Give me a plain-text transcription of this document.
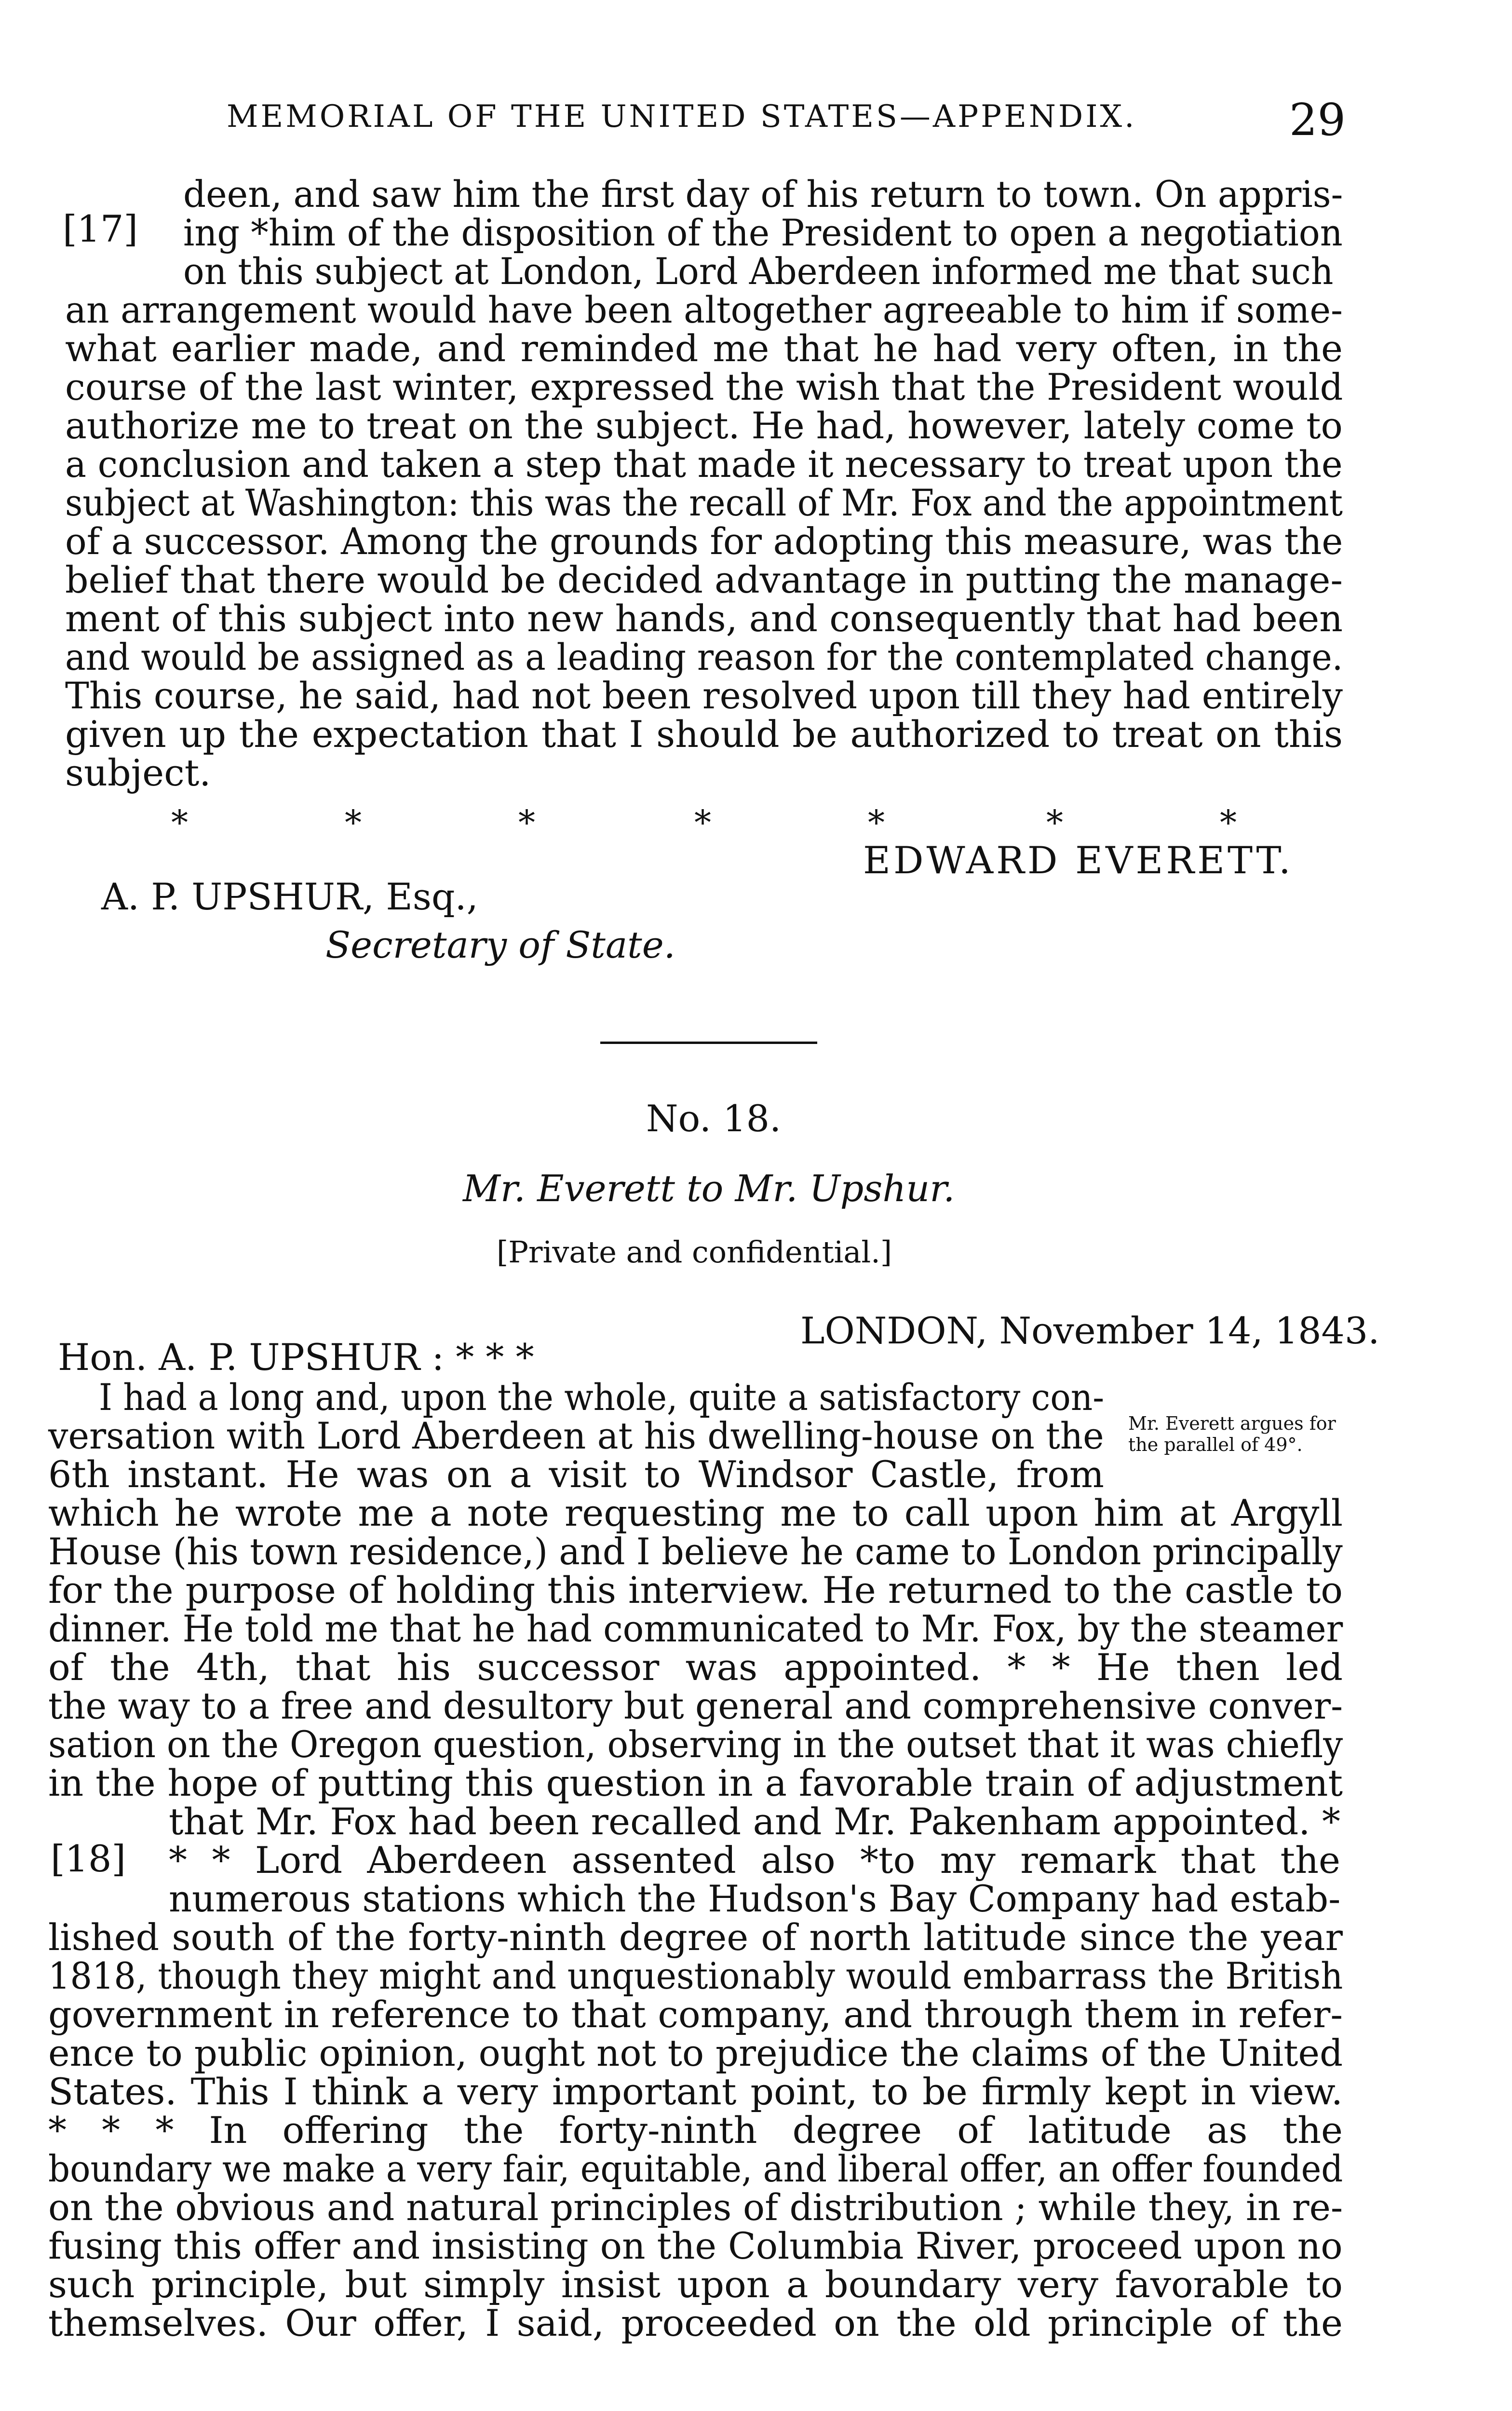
MEMORIAL OF THE UNITED STATES—APPENDIX.	29
[17]
deen, and saw him the first day of his return to town. On appris-
ing *him of the disposition of the President to open a negotiation
on this subject at London, Lord Aberdeen informed me that such
an arrangement would have been altogether agreeable to him if some-
what earlier made, and reminded me that he had very often, in the
course of the last winter, expressed the wish that the President would
authorize me to treat on the subject. He had, however, lately come to
a conclusion and taken a step that made it necessary to treat upon the
subject at Washington: this was the recall of Mr. Fox and the appointment
of a successor. Among the grounds for adopting this measure, was the
belief that there would be decided advantage in putting the manage-
ment of this subject into new hands, and consequently that had been
and would be assigned as a leading reason for the contemplated change.
This course, he said, had not been resolved upon till they had entirely
given up the expectation that I should be authorized to treat on this
subject.
*	*	*	*	*	*	*
EDWARD EVERETT.
A. P. UPSHUR, Esq.,
Secretary of State.
No. 18.
Mr. Everett to Mr. Upshur.
[Private and confidential.]
LONDON, November 14, 1843.
Hon. A. P. UPSHUR : * * *
Mr. Everett argues for the parallel of 49°.
I had a long and, upon the whole, quite a satisfactory con-
versation with Lord Aberdeen at his dwelling-house on the
6th instant. He was on a visit to Windsor Castle, from
which he wrote me a note requesting me to call upon him at Argyll
House (his town residence,) and I believe he came to London principally
for the purpose of holding this interview. He returned to the castle to
dinner. He told me that he had communicated to Mr. Fox, by the steamer
of the 4th, that his successor was appointed. * * He then led
the way to a free and desultory but general and comprehensive conver-
sation on the Oregon question, observing in the outset that it was chiefly
in the hope of putting this question in a favorable train of adjustment
[18]
that Mr. Fox had been recalled and Mr. Pakenham appointed. *
* * Lord Aberdeen assented also *to my remark that the
numerous stations which the Hudson's Bay Company had estab-
lished south of the forty-ninth degree of north latitude since the year
1818, though they might and unquestionably would embarrass the British
government in reference to that company, and through them in refer-
ence to public opinion, ought not to prejudice the claims of the United
States. This I think a very important point, to be firmly kept in view.
* * * In offering the forty-ninth degree of latitude as the
boundary we make a very fair, equitable, and liberal offer, an offer founded
on the obvious and natural principles of distribution ; while they, in re-
fusing this offer and insisting on the Columbia River, proceed upon no
such principle, but simply insist upon a boundary very favorable to
themselves. Our offer, I said, proceeded on the old principle of the
